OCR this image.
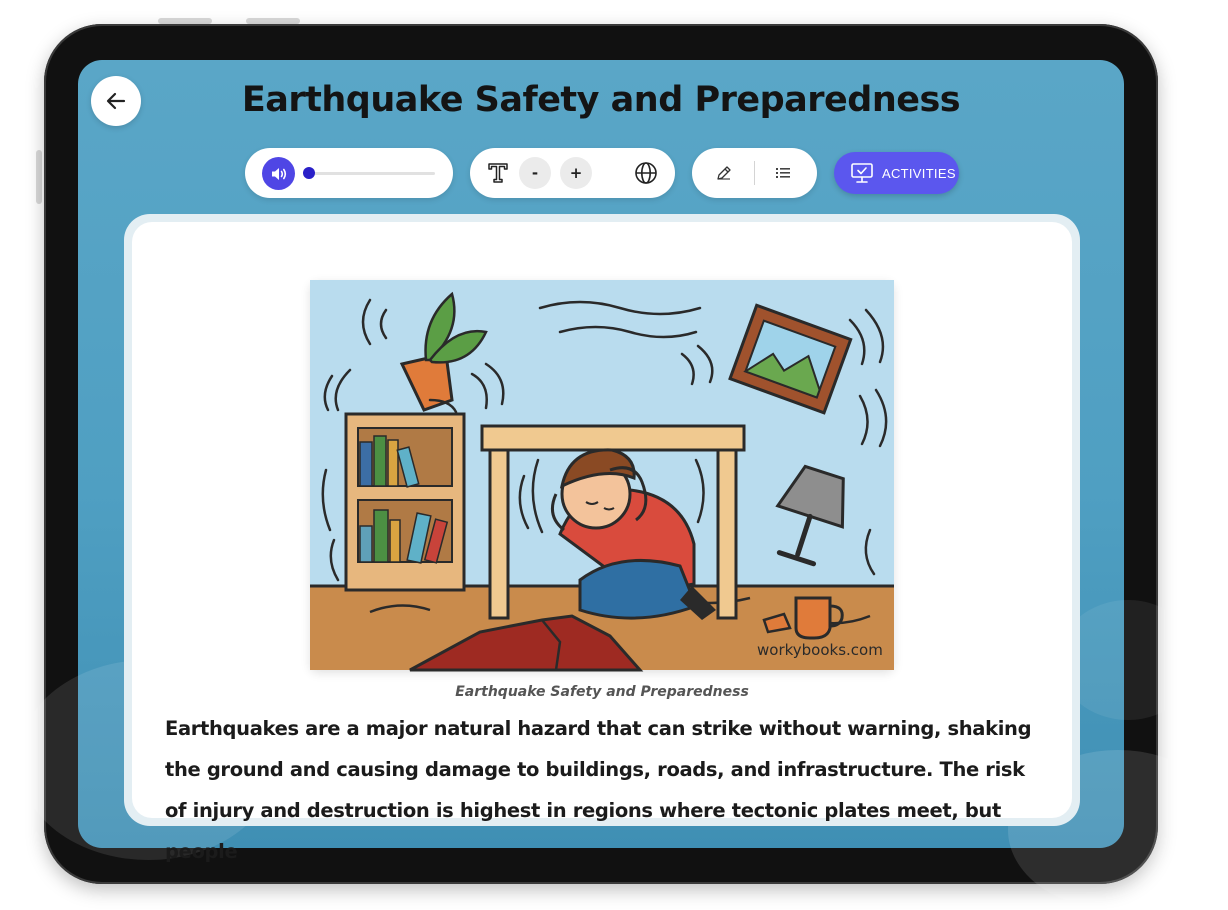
Earthquake Safety and Preparedness
-	+	ACTIVITIES
workybooks.com
Earthquake Safety and Preparedness

Earthquakes are a major natural hazard that can strike without warning, shaking the ground and causing damage to buildings, roads, and infrastructure. The risk of injury and destruction is highest in regions where tectonic plates meet, but people
